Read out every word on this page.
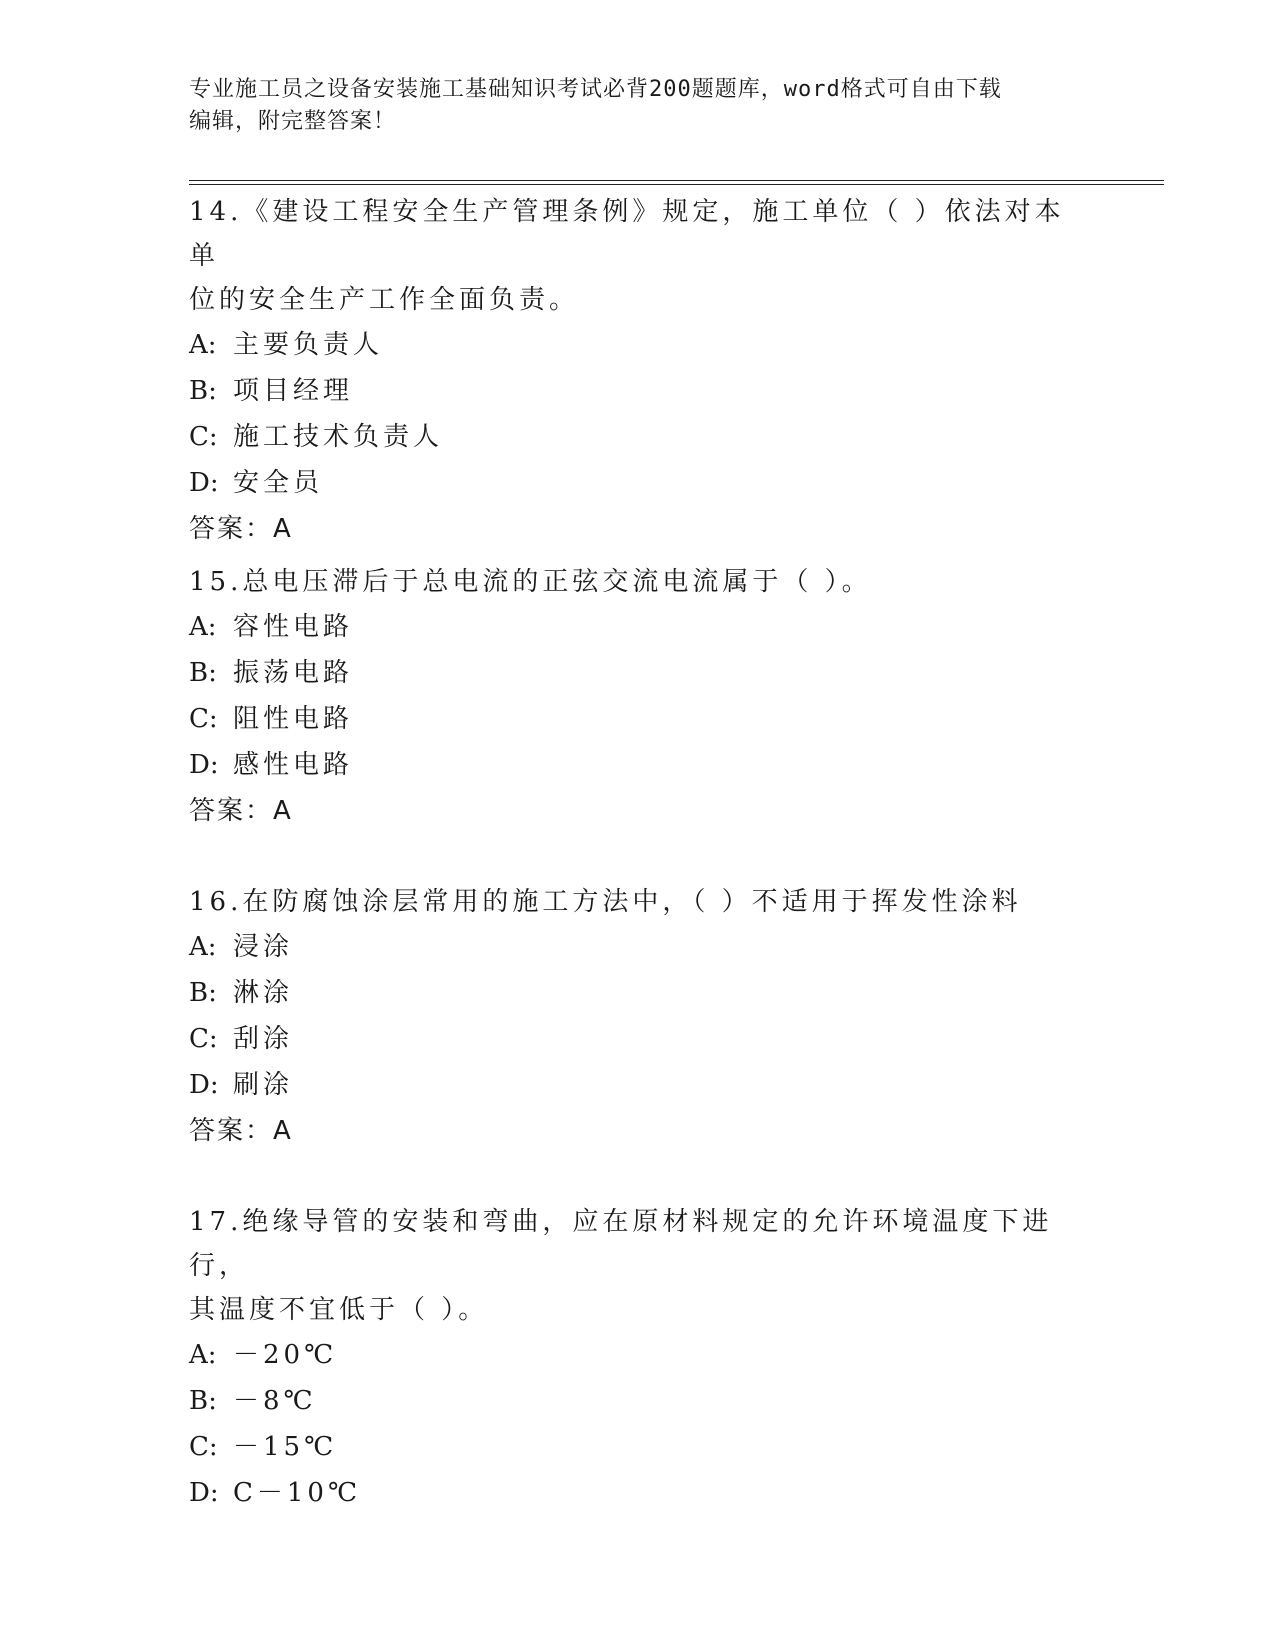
专业施工员之设备安装施工基础知识考试必背200题题库，word格式可自由下载
编辑，附完整答案！
14.《建设工程安全生产管理条例》规定，施工单位（ ）依法对本单
位的安全生产工作全面负责。
A: 主要负责人
B: 项目经理
C: 施工技术负责人
D: 安全员
答案：A
15.总电压滞后于总电流的正弦交流电流属于（ ）。
A: 容性电路
B: 振荡电路
C: 阻性电路
D: 感性电路
答案：A
16.在防腐蚀涂层常用的施工方法中，（ ）不适用于挥发性涂料
A: 浸涂
B: 淋涂
C: 刮涂
D: 刷涂
答案：A
17.绝缘导管的安装和弯曲，应在原材料规定的允许环境温度下进行，
其温度不宜低于（ ）。
A: －20℃
B: －8℃
C: －15℃
D: C－10℃
